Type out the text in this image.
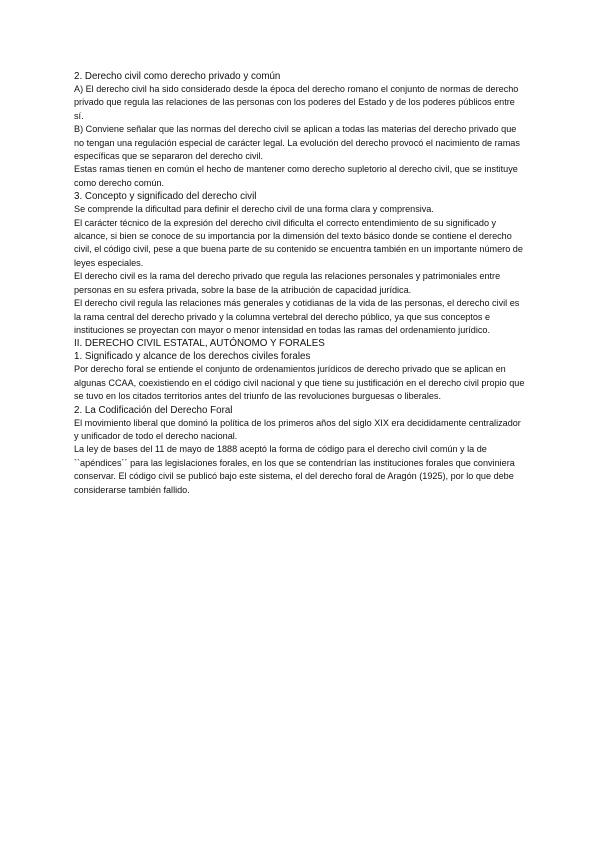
2. Derecho civil como derecho privado y común

A) El derecho civil ha sido considerado desde la época del derecho romano el conjunto de normas de derecho privado que regula las relaciones de las personas con los poderes del Estado y de los poderes públicos entre sí.

B) Conviene señalar que las normas del derecho civil se aplican a todas las materias del derecho privado que no tengan una regulación especial de carácter legal. La evolución del derecho provocó el nacimiento de ramas específicas que se separaron del derecho civil.

Estas ramas tienen en común el hecho de mantener como derecho supletorio al derecho civil, que se instituye como derecho común.

3. Concepto y significado del derecho civil

Se comprende la dificultad para definir el derecho civil de una forma clara y comprensiva.

El carácter técnico de la expresión del derecho civil dificulta el correcto entendimiento de su significado y alcance, si bien se conoce de su importancia por la dimensión del texto básico donde se contiene el derecho civil, el código civil, pese a que buena parte de su contenido se encuentra también en un importante número de leyes especiales.

El derecho civil es la rama del derecho privado que regula las relaciones personales y patrimoniales entre personas en su esfera privada, sobre la base de la atribución de capacidad jurídica.

El derecho civil regula las relaciones más generales y cotidianas de la vida de las personas, el derecho civil es la rama central del derecho privado y la columna vertebral del derecho público, ya que sus conceptos e instituciones se proyectan con mayor o menor intensidad en todas las ramas del ordenamiento jurídico.

II. DERECHO CIVIL ESTATAL, AUTÓNOMO Y FORALES

1. Significado y alcance de los derechos civiles forales

Por derecho foral se entiende el conjunto de ordenamientos jurídicos de derecho privado que se aplican en algunas CCAA, coexistiendo en el código civil nacional y que tiene su justificación en el derecho civil propio que se tuvo en los citados territorios antes del triunfo de las revoluciones burguesas o liberales.

2. La Codificación del Derecho Foral

El movimiento liberal que dominó la política de los primeros años del siglo XIX era decididamente centralizador y unificador de todo el derecho nacional.

La ley de bases del 11 de mayo de 1888 aceptó la forma de código para el derecho civil común y la de ``apéndices´´ para las legislaciones forales, en los que se contendrían las instituciones forales que conviniera conservar. El código civil se publicó bajo este sistema, el del derecho foral de Aragón (1925), por lo que debe considerarse también fallido.
